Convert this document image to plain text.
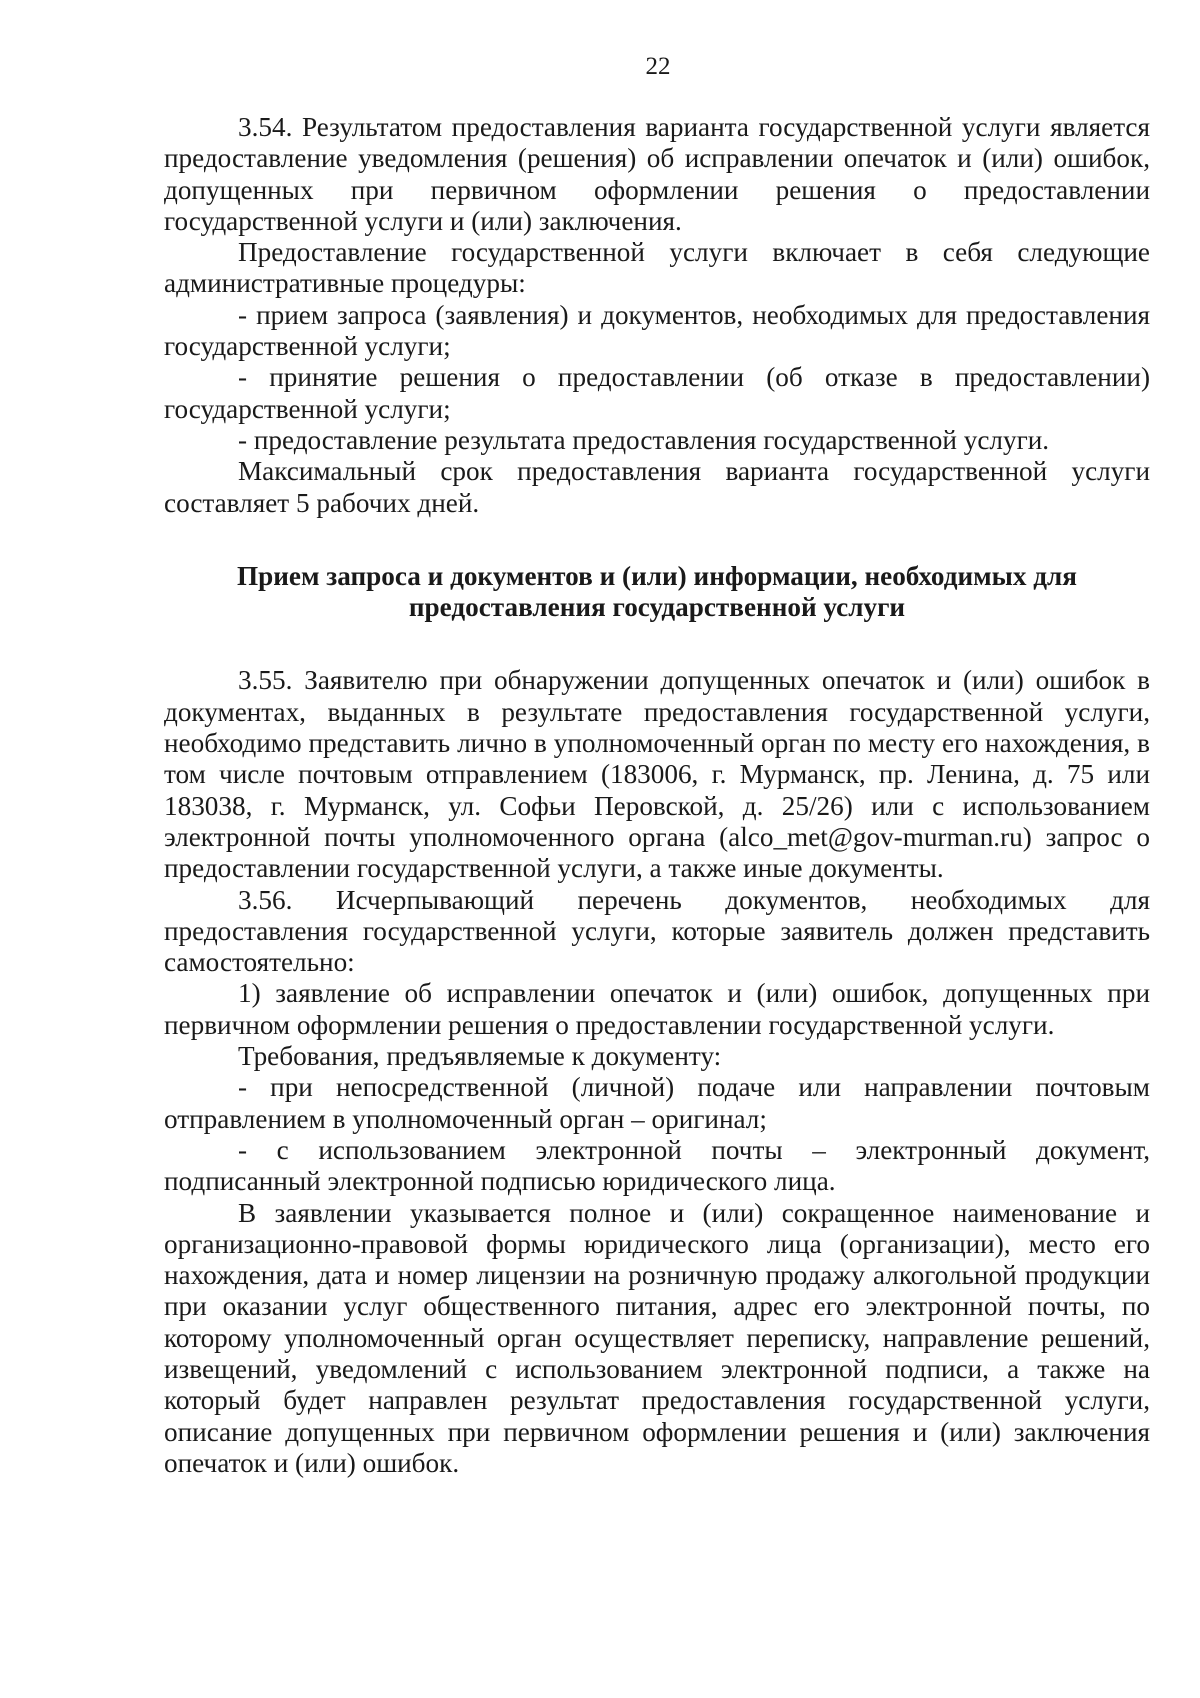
22

3.54. Результатом предоставления варианта государственной услуги является предоставление уведомления (решения) об исправлении опечаток и (или) ошибок, допущенных при первичном оформлении решения о предоставлении государственной услуги и (или) заключения.

Предоставление государственной услуги включает в себя следующие административные процедуры:

- прием запроса (заявления) и документов, необходимых для предоставления государственной услуги;

- принятие решения о предоставлении (об отказе в предоставлении) государственной услуги;

- предоставление результата предоставления государственной услуги.

Максимальный срок предоставления варианта государственной услуги составляет 5 рабочих дней.

Прием запроса и документов и (или) информации, необходимых для предоставления государственной услуги

3.55. Заявителю при обнаружении допущенных опечаток и (или) ошибок в документах, выданных в результате предоставления государственной услуги, необходимо представить лично в уполномоченный орган по месту его нахождения, в том числе почтовым отправлением (183006, г. Мурманск, пр. Ленина, д. 75 или 183038, г. Мурманск, ул. Софьи Перовской, д. 25/26) или с использованием электронной почты уполномоченного органа (alco_met@gov-murman.ru) запрос о предоставлении государственной услуги, а также иные документы.

3.56. Исчерпывающий перечень документов, необходимых для предоставления государственной услуги, которые заявитель должен представить самостоятельно:

1) заявление об исправлении опечаток и (или) ошибок, допущенных при первичном оформлении решения о предоставлении государственной услуги.

Требования, предъявляемые к документу:

- при непосредственной (личной) подаче или направлении почтовым отправлением в уполномоченный орган – оригинал;

- с использованием электронной почты – электронный документ, подписанный электронной подписью юридического лица.

В заявлении указывается полное и (или) сокращенное наименование и организационно-правовой формы юридического лица (организации), место его нахождения, дата и номер лицензии на розничную продажу алкогольной продукции при оказании услуг общественного питания, адрес его электронной почты, по которому уполномоченный орган осуществляет переписку, направление решений, извещений, уведомлений с использованием электронной подписи, а также на который будет направлен результат предоставления государственной услуги, описание допущенных при первичном оформлении решения и (или) заключения опечаток и (или) ошибок.
